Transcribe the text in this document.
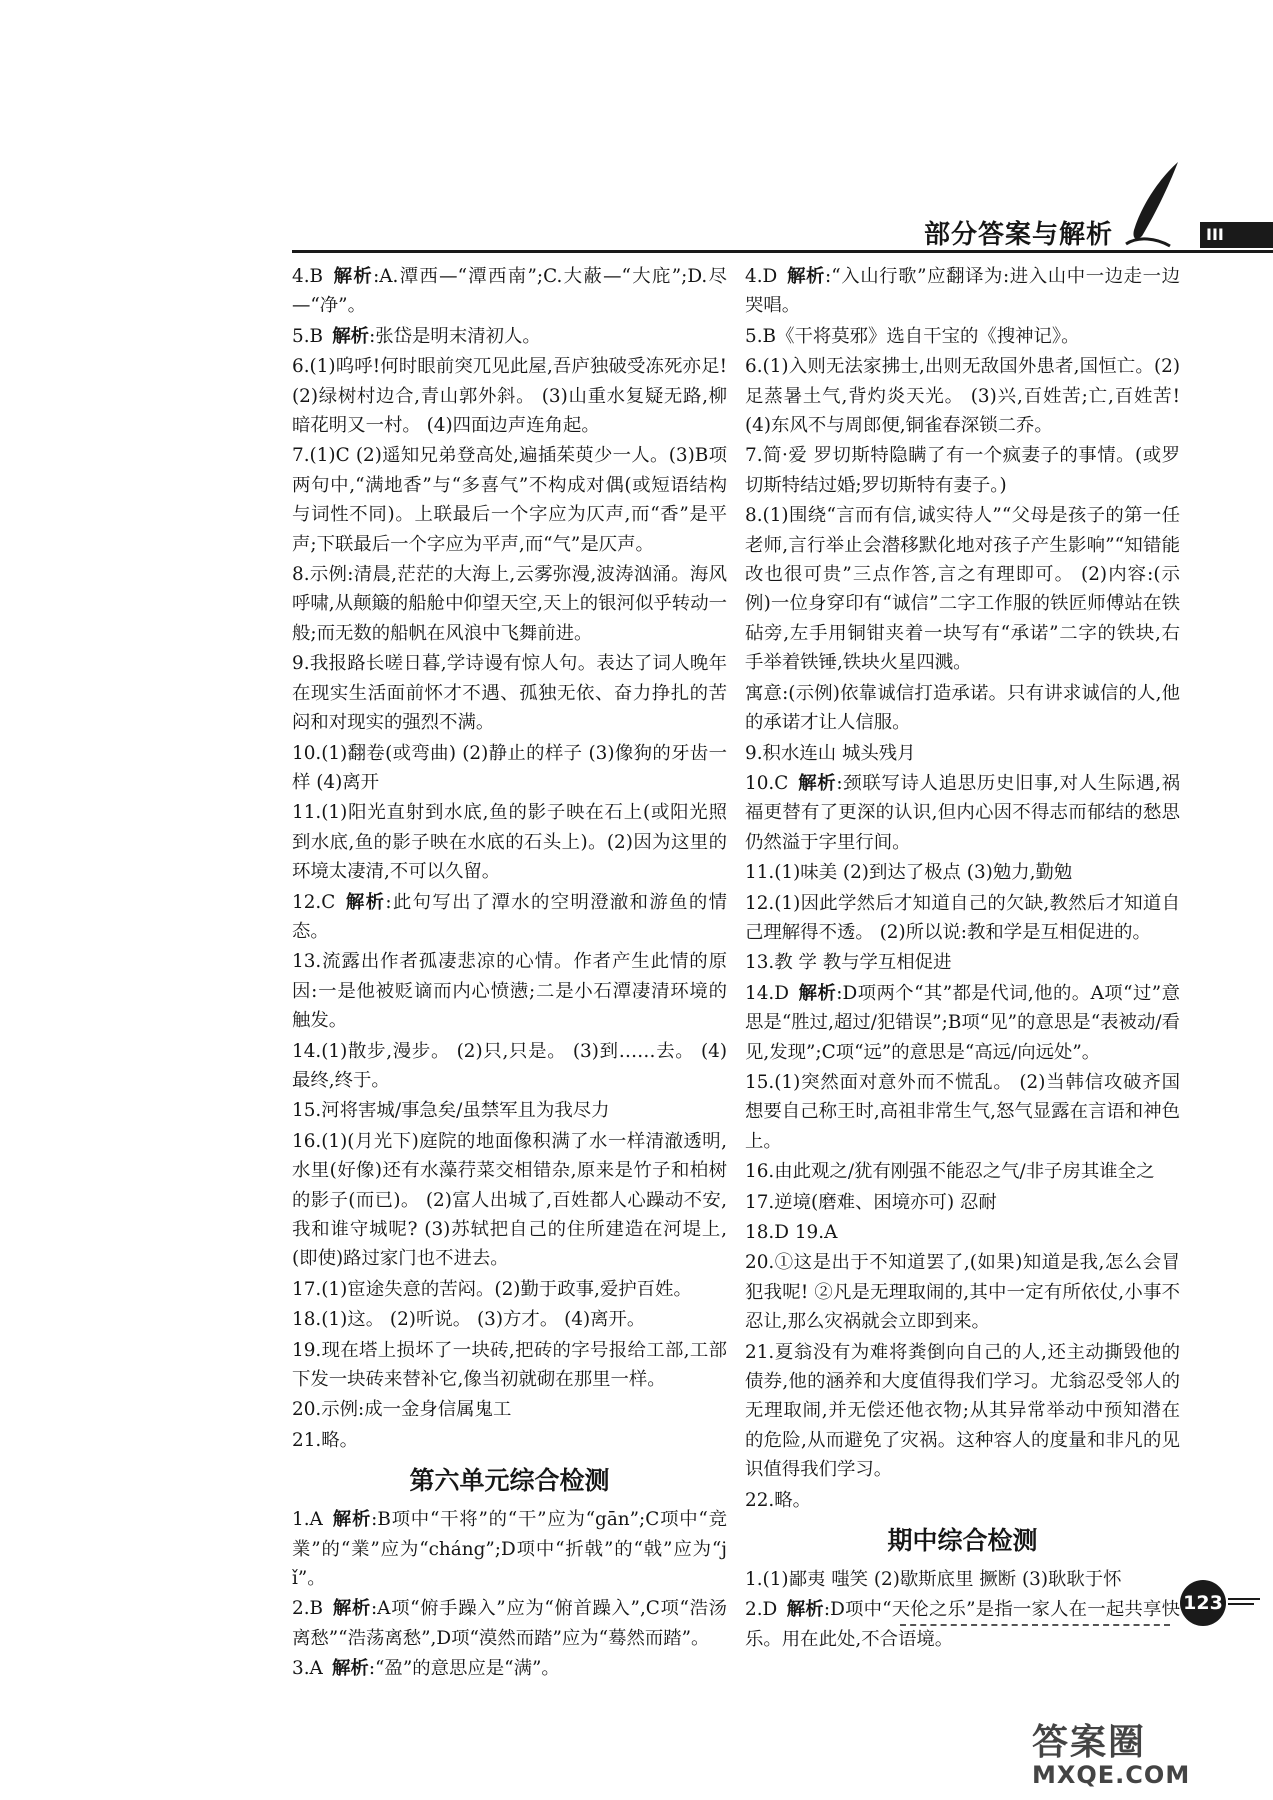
部分答案与解析	III

4.B  解析:A.潭西—“潭西南”;C.大蔽—“大庇”;D.尽—“净”。

5.B  解析:张岱是明末清初人。

6.(1)呜呼!何时眼前突兀见此屋,吾庐独破受冻死亦足! (2)绿树村边合,青山郭外斜。 (3)山重水复疑无路,柳暗花明又一村。 (4)四面边声连角起。

7.(1)C (2)遥知兄弟登高处,遍插茱萸少一人。(3)B项两句中,“满地香”与“多喜气”不构成对偶(或短语结构与词性不同)。上联最后一个字应为仄声,而“香”是平声;下联最后一个字应为平声,而“气”是仄声。

8.示例:清晨,茫茫的大海上,云雾弥漫,波涛汹涌。海风呼啸,从颠簸的船舱中仰望天空,天上的银河似乎转动一般;而无数的船帆在风浪中飞舞前进。

9.我报路长嗟日暮,学诗谩有惊人句。表达了词人晚年在现实生活面前怀才不遇、孤独无依、奋力挣扎的苦闷和对现实的强烈不满。

10.(1)翻卷(或弯曲) (2)静止的样子 (3)像狗的牙齿一样 (4)离开

11.(1)阳光直射到水底,鱼的影子映在石上(或阳光照到水底,鱼的影子映在水底的石头上)。(2)因为这里的环境太凄清,不可以久留。

12.C  解析:此句写出了潭水的空明澄澈和游鱼的情态。

13.流露出作者孤凄悲凉的心情。作者产生此情的原因:一是他被贬谪而内心愤懑;二是小石潭凄清环境的触发。

14.(1)散步,漫步。 (2)只,只是。 (3)到……去。 (4)最终,终于。

15.河将害城/事急矣/虽禁军且为我尽力

16.(1)(月光下)庭院的地面像积满了水一样清澈透明,水里(好像)还有水藻荇菜交相错杂,原来是竹子和柏树的影子(而已)。 (2)富人出城了,百姓都人心躁动不安,我和谁守城呢? (3)苏轼把自己的住所建造在河堤上,(即使)路过家门也不进去。

17.(1)宦途失意的苦闷。(2)勤于政事,爱护百姓。

18.(1)这。 (2)听说。 (3)方才。 (4)离开。

19.现在塔上损坏了一块砖,把砖的字号报给工部,工部下发一块砖来替补它,像当初就砌在那里一样。

20.示例:成一金身信属鬼工

21.略。

第六单元综合检测

1.A  解析:B项中“干将”的“干”应为“gān”;C项中“竞業”的“業”应为“cháng”;D项中“折戟”的“戟”应为“jǐ”。

2.B  解析:A项“俯手躁入”应为“俯首躁入”,C项“浩汤离愁”“浩荡离愁”,D项“漠然而踏”应为“蓦然而踏”。

3.A  解析:“盈”的意思应是“满”。

4.D  解析:“入山行歌”应翻译为:进入山中一边走一边哭唱。

5.B《干将莫邪》选自干宝的《搜神记》。

6.(1)入则无法家拂士,出则无敌国外患者,国恒亡。(2)足蒸暑土气,背灼炎天光。 (3)兴,百姓苦;亡,百姓苦! (4)东风不与周郎便,铜雀春深锁二乔。

7.简·爱 罗切斯特隐瞒了有一个疯妻子的事情。(或罗切斯特结过婚;罗切斯特有妻子。)

8.(1)围绕“言而有信,诚实待人”“父母是孩子的第一任老师,言行举止会潜移默化地对孩子产生影响”“知错能改也很可贵”三点作答,言之有理即可。 (2)内容:(示例)一位身穿印有“诚信”二字工作服的铁匠师傅站在铁砧旁,左手用铜钳夹着一块写有“承诺”二字的铁块,右手举着铁锤,铁块火星四溅。

寓意:(示例)依靠诚信打造承诺。只有讲求诚信的人,他的承诺才让人信服。

9.积水连山 城头残月

10.C  解析:颈联写诗人追思历史旧事,对人生际遇,祸福更替有了更深的认识,但内心因不得志而郁结的愁思仍然溢于字里行间。

11.(1)味美 (2)到达了极点 (3)勉力,勤勉

12.(1)因此学然后才知道自己的欠缺,教然后才知道自己理解得不透。 (2)所以说:教和学是互相促进的。

13.教 学 教与学互相促进

14.D  解析:D项两个“其”都是代词,他的。A项“过”意思是“胜过,超过/犯错误”;B项“见”的意思是“表被动/看见,发现”;C项“远”的意思是“高远/向远处”。

15.(1)突然面对意外而不慌乱。 (2)当韩信攻破齐国想要自己称王时,高祖非常生气,怒气显露在言语和神色上。

16.由此观之/犹有刚强不能忍之气/非子房其谁全之

17.逆境(磨难、困境亦可) 忍耐

18.D 19.A

20.①这是出于不知道罢了,(如果)知道是我,怎么会冒犯我呢! ②凡是无理取闹的,其中一定有所依仗,小事不忍让,那么灾祸就会立即到来。

21.夏翁没有为难将粪倒向自己的人,还主动撕毁他的债券,他的涵养和大度值得我们学习。尤翁忍受邻人的无理取闹,并无偿还他衣物;从其异常举动中预知潜在的危险,从而避免了灾祸。这种容人的度量和非凡的见识值得我们学习。

22.略。

期中综合检测

1.(1)鄙夷 嗤笑 (2)歇斯底里 撅断 (3)耿耿于怀

2.D  解析:D项中“天伦之乐”是指一家人在一起共享快乐。用在此处,不合语境。

123
答案圈
MXQE.COM
